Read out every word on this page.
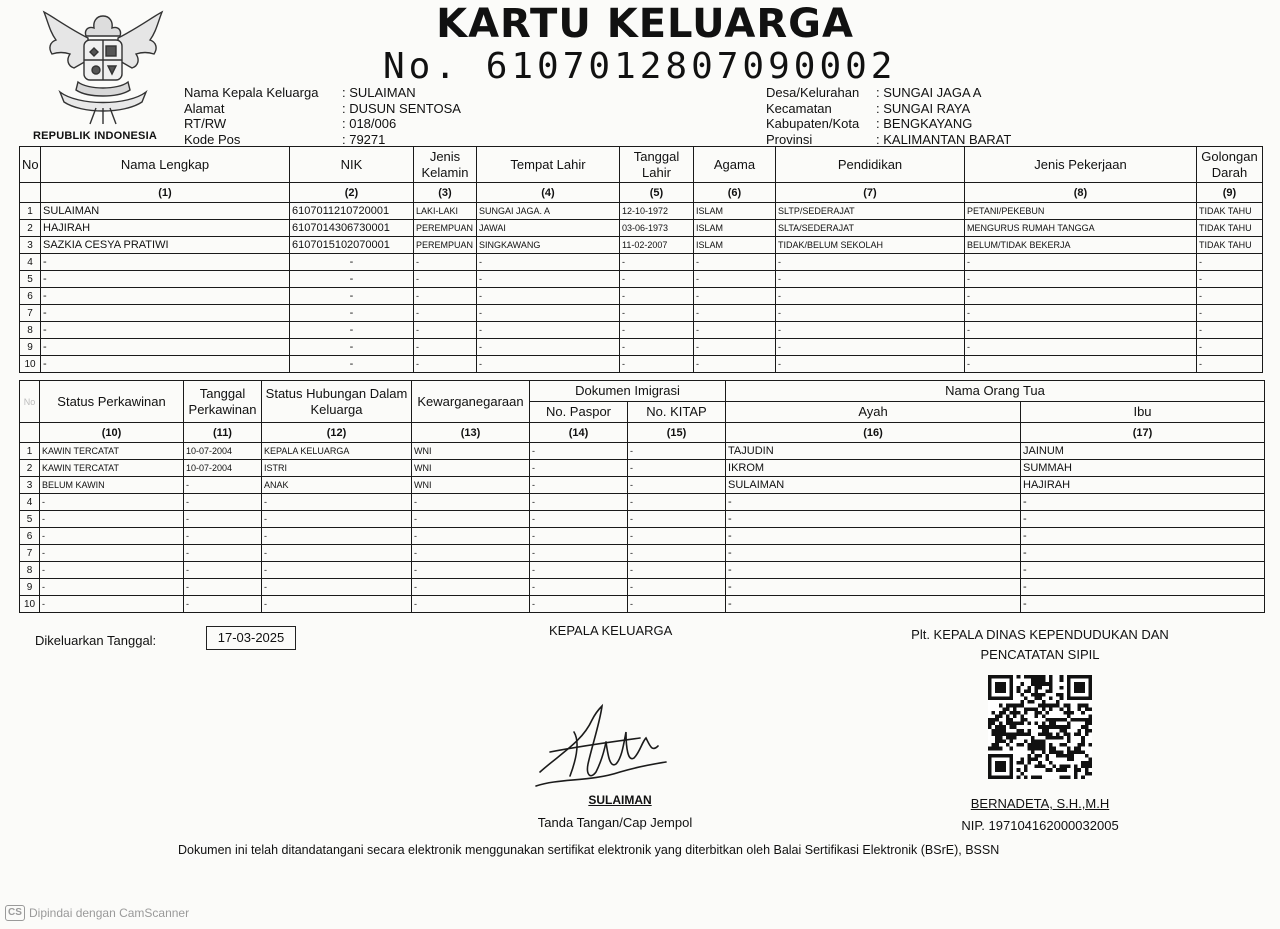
REPUBLIK INDONESIA
KARTU KELUARGA
No. 6107012807090002
Nama Kepala Keluarga	: SULAIMAN
Alamat	: DUSUN SENTOSA
RT/RW	: 018/006
Kode Pos	: 79271
Desa/Kelurahan	: SUNGAI JAGA A
Kecamatan	: SUNGAI RAYA
Kabupaten/Kota	: BENGKAYANG
Provinsi	: KALIMANTAN BARAT
No	Nama Lengkap	NIK	Jenis Kelamin	Tempat Lahir	Tanggal Lahir	Agama	Pendidikan	Jenis Pekerjaan	Golongan Darah
	(1)	(2)	(3)	(4)	(5)	(6)	(7)	(8)	(9)
1	SULAIMAN	6107011210720001	LAKI-LAKI	SUNGAI JAGA. A	12-10-1972	ISLAM	SLTP/SEDERAJAT	PETANI/PEKEBUN	TIDAK TAHU
2	HAJIRAH	6107014306730001	PEREMPUAN	JAWAI	03-06-1973	ISLAM	SLTA/SEDERAJAT	MENGURUS RUMAH TANGGA	TIDAK TAHU
3	SAZKIA CESYA PRATIWI	6107015102070001	PEREMPUAN	SINGKAWANG	11-02-2007	ISLAM	TIDAK/BELUM SEKOLAH	BELUM/TIDAK BEKERJA	TIDAK TAHU
4	-	-	-	-	-	-	-	-	-
5	-	-	-	-	-	-	-	-	-
6	-	-	-	-	-	-	-	-	-
7	-	-	-	-	-	-	-	-	-
8	-	-	-	-	-	-	-	-	-
9	-	-	-	-	-	-	-	-	-
10	-	-	-	-	-	-	-	-	-
No	Status Perkawinan	Tanggal Perkawinan	Status Hubungan Dalam Keluarga	Kewarganegaraan	Dokumen Imigrasi		Nama Orang Tua	
					No. Paspor	No. KITAP	Ayah	Ibu
	(10)	(11)	(12)	(13)	(14)	(15)	(16)	(17)
1	KAWIN TERCATAT	10-07-2004	KEPALA KELUARGA	WNI	-	-	TAJUDIN	JAINUM
2	KAWIN TERCATAT	10-07-2004	ISTRI	WNI	-	-	IKROM	SUMMAH
3	BELUM KAWIN	-	ANAK	WNI	-	-	SULAIMAN	HAJIRAH
4	-	-	-	-	-	-	-	-
5	-	-	-	-	-	-	-	-
6	-	-	-	-	-	-	-	-
7	-	-	-	-	-	-	-	-
8	-	-	-	-	-	-	-	-
9	-	-	-	-	-	-	-	-
10	-	-	-	-	-	-	-	-
Dikeluarkan Tanggal:	17-03-2025	KEPALA KELUARGA
SULAIMAN
Tanda Tangan/Cap Jempol
Plt. KEPALA DINAS KEPENDUDUKAN DAN
PENCATATAN SIPIL
BERNADETA, S.H.,M.H
NIP. 197104162000032005
Dokumen ini telah ditandatangani secara elektronik menggunakan sertifikat elektronik yang diterbitkan oleh Balai Sertifikasi Elektronik (BSrE), BSSN
CS Dipindai dengan CamScanner
